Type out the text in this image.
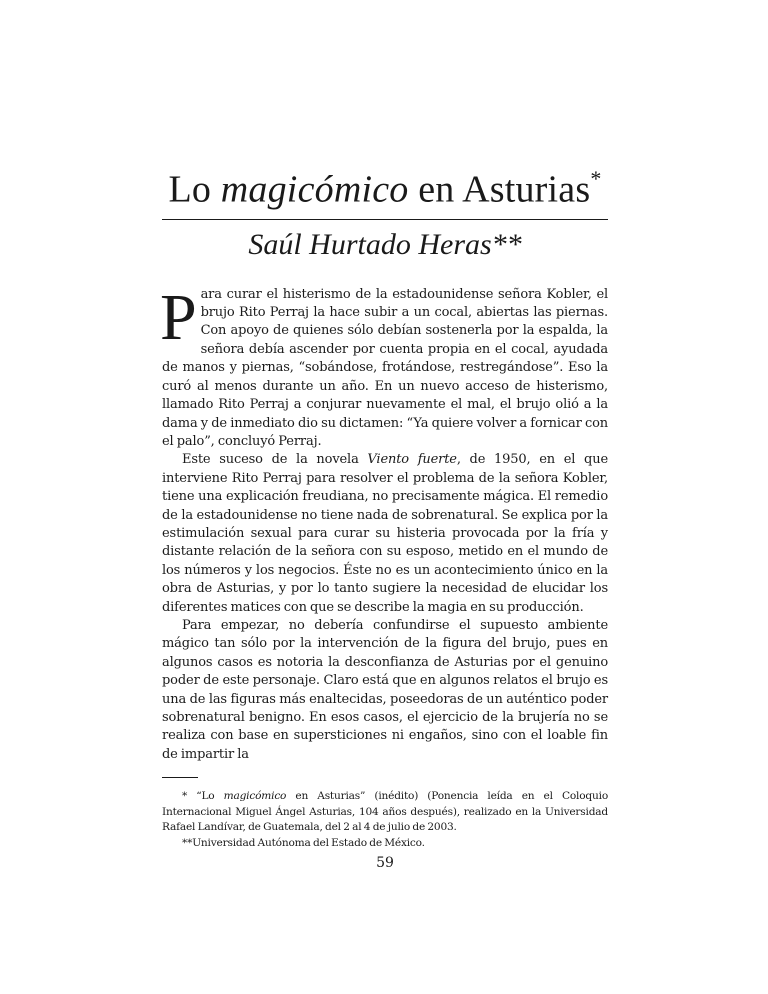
Lo magicómico en Asturias*
Saúl Hurtado Heras**

Para curar el histerismo de la estadounidense señora Kobler, el brujo Rito Perraj la hace subir a un cocal, abiertas las piernas. Con apoyo de quienes sólo debían sostenerla por la espalda, la señora debía ascender por cuenta propia en el cocal, ayudada de manos y piernas, “sobándose, frotándose, restregándose”. Eso la curó al menos durante un año. En un nuevo acceso de histerismo, llamado Rito Perraj a conjurar nuevamente el mal, el brujo olió a la dama y de inmediato dio su dictamen: “Ya quiere volver a fornicar con el palo”, concluyó Perraj.

Este suceso de la novela Viento fuerte, de 1950, en el que interviene Rito Perraj para resolver el problema de la señora Kobler, tiene una explicación freudiana, no precisamente mágica. El remedio de la estadounidense no tiene nada de sobrenatural. Se explica por la estimulación sexual para curar su histeria provocada por la fría y distante relación de la señora con su esposo, metido en el mundo de los números y los negocios. Éste no es un acontecimiento único en la obra de Asturias, y por lo tanto sugiere la necesidad de elucidar los diferentes matices con que se describe la magia en su producción.

Para empezar, no debería confundirse el supuesto ambiente mágico tan sólo por la intervención de la figura del brujo, pues en algunos casos es notoria la desconfianza de Asturias por el genuino poder de este personaje. Claro está que en algunos relatos el brujo es una de las figuras más enaltecidas, poseedoras de un auténtico poder sobrenatural benigno. En esos casos, el ejercicio de la brujería no se realiza con base en supersticiones ni engaños, sino con el loable fin de impartir la

* “Lo magicómico en Asturias” (inédito) (Ponencia leída en el Coloquio Internacional Miguel Ángel Asturias, 104 años después), realizado en la Universidad Rafael Landívar, de Guatemala, del 2 al 4 de julio de 2003.

**Universidad Autónoma del Estado de México.

59
